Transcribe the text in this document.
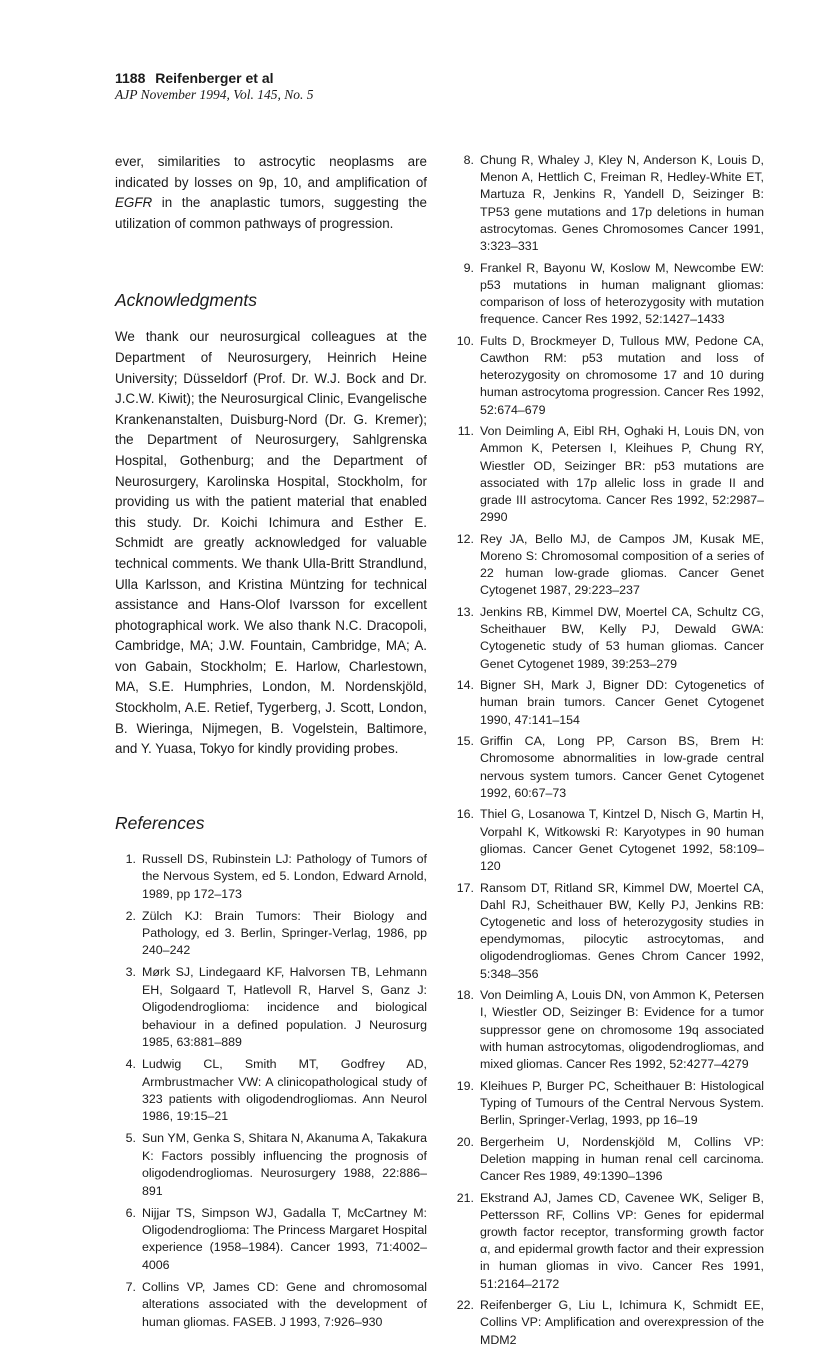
1188 Reifenberger et al
AJP November 1994, Vol. 145, No. 5

ever, similarities to astrocytic neoplasms are indicated by losses on 9p, 10, and amplification of EGFR in the anaplastic tumors, suggesting the utilization of common pathways of progression.

Acknowledgments

We thank our neurosurgical colleagues at the Department of Neurosurgery, Heinrich Heine University; Düsseldorf (Prof. Dr. W.J. Bock and Dr. J.C.W. Kiwit); the Neurosurgical Clinic, Evangelische Krankenanstalten, Duisburg-Nord (Dr. G. Kremer); the Department of Neurosurgery, Sahlgrenska Hospital, Gothenburg; and the Department of Neurosurgery, Karolinska Hospital, Stockholm, for providing us with the patient material that enabled this study. Dr. Koichi Ichimura and Esther E. Schmidt are greatly acknowledged for valuable technical comments. We thank Ulla-Britt Strandlund, Ulla Karlsson, and Kristina Müntzing for technical assistance and Hans-Olof Ivarsson for excellent photographical work. We also thank N.C. Dracopoli, Cambridge, MA; J.W. Fountain, Cambridge, MA; A. von Gabain, Stockholm; E. Harlow, Charlestown, MA, S.E. Humphries, London, M. Nordenskjöld, Stockholm, A.E. Retief, Tygerberg, J. Scott, London, B. Wieringa, Nijmegen, B. Vogelstein, Baltimore, and Y. Yuasa, Tokyo for kindly providing probes.

References
1. Russell DS, Rubinstein LJ: Pathology of Tumors of the Nervous System, ed 5. London, Edward Arnold, 1989, pp 172–173
2. Zülch KJ: Brain Tumors: Their Biology and Pathology, ed 3. Berlin, Springer-Verlag, 1986, pp 240–242
3. Mørk SJ, Lindegaard KF, Halvorsen TB, Lehmann EH, Solgaard T, Hatlevoll R, Harvel S, Ganz J: Oligodendroglioma: incidence and biological behaviour in a defined population. J Neurosurg 1985, 63:881–889
4. Ludwig CL, Smith MT, Godfrey AD, Armbrustmacher VW: A clinicopathological study of 323 patients with oligodendrogliomas. Ann Neurol 1986, 19:15–21
5. Sun YM, Genka S, Shitara N, Akanuma A, Takakura K: Factors possibly influencing the prognosis of oligodendrogliomas. Neurosurgery 1988, 22:886–891
6. Nijjar TS, Simpson WJ, Gadalla T, McCartney M: Oligodendroglioma: The Princess Margaret Hospital experience (1958–1984). Cancer 1993, 71:4002–4006
7. Collins VP, James CD: Gene and chromosomal alterations associated with the development of human gliomas. FASEB. J 1993, 7:926–930
8. Chung R, Whaley J, Kley N, Anderson K, Louis D, Menon A, Hettlich C, Freiman R, Hedley-White ET, Martuza R, Jenkins R, Yandell D, Seizinger B: TP53 gene mutations and 17p deletions in human astrocytomas. Genes Chromosomes Cancer 1991, 3:323–331
9. Frankel R, Bayonu W, Koslow M, Newcombe EW: p53 mutations in human malignant gliomas: comparison of loss of heterozygosity with mutation frequence. Cancer Res 1992, 52:1427–1433
10. Fults D, Brockmeyer D, Tullous MW, Pedone CA, Cawthon RM: p53 mutation and loss of heterozygosity on chromosome 17 and 10 during human astrocytoma progression. Cancer Res 1992, 52:674–679
11. Von Deimling A, Eibl RH, Oghaki H, Louis DN, von Ammon K, Petersen I, Kleihues P, Chung RY, Wiestler OD, Seizinger BR: p53 mutations are associated with 17p allelic loss in grade II and grade III astrocytoma. Cancer Res 1992, 52:2987–2990
12. Rey JA, Bello MJ, de Campos JM, Kusak ME, Moreno S: Chromosomal composition of a series of 22 human low-grade gliomas. Cancer Genet Cytogenet 1987, 29:223–237
13. Jenkins RB, Kimmel DW, Moertel CA, Schultz CG, Scheithauer BW, Kelly PJ, Dewald GWA: Cytogenetic study of 53 human gliomas. Cancer Genet Cytogenet 1989, 39:253–279
14. Bigner SH, Mark J, Bigner DD: Cytogenetics of human brain tumors. Cancer Genet Cytogenet 1990, 47:141–154
15. Griffin CA, Long PP, Carson BS, Brem H: Chromosome abnormalities in low-grade central nervous system tumors. Cancer Genet Cytogenet 1992, 60:67–73
16. Thiel G, Losanowa T, Kintzel D, Nisch G, Martin H, Vorpahl K, Witkowski R: Karyotypes in 90 human gliomas. Cancer Genet Cytogenet 1992, 58:109–120
17. Ransom DT, Ritland SR, Kimmel DW, Moertel CA, Dahl RJ, Scheithauer BW, Kelly PJ, Jenkins RB: Cytogenetic and loss of heterozygosity studies in ependymomas, pilocytic astrocytomas, and oligodendrogliomas. Genes Chrom Cancer 1992, 5:348–356
18. Von Deimling A, Louis DN, von Ammon K, Petersen I, Wiestler OD, Seizinger B: Evidence for a tumor suppressor gene on chromosome 19q associated with human astrocytomas, oligodendrogliomas, and mixed gliomas. Cancer Res 1992, 52:4277–4279
19. Kleihues P, Burger PC, Scheithauer B: Histological Typing of Tumours of the Central Nervous System. Berlin, Springer-Verlag, 1993, pp 16–19
20. Bergerheim U, Nordenskjöld M, Collins VP: Deletion mapping in human renal cell carcinoma. Cancer Res 1989, 49:1390–1396
21. Ekstrand AJ, James CD, Cavenee WK, Seliger B, Pettersson RF, Collins VP: Genes for epidermal growth factor receptor, transforming growth factor α, and epidermal growth factor and their expression in human gliomas in vivo. Cancer Res 1991, 51:2164–2172
22. Reifenberger G, Liu L, Ichimura K, Schmidt EE, Collins VP: Amplification and overexpression of the MDM2
